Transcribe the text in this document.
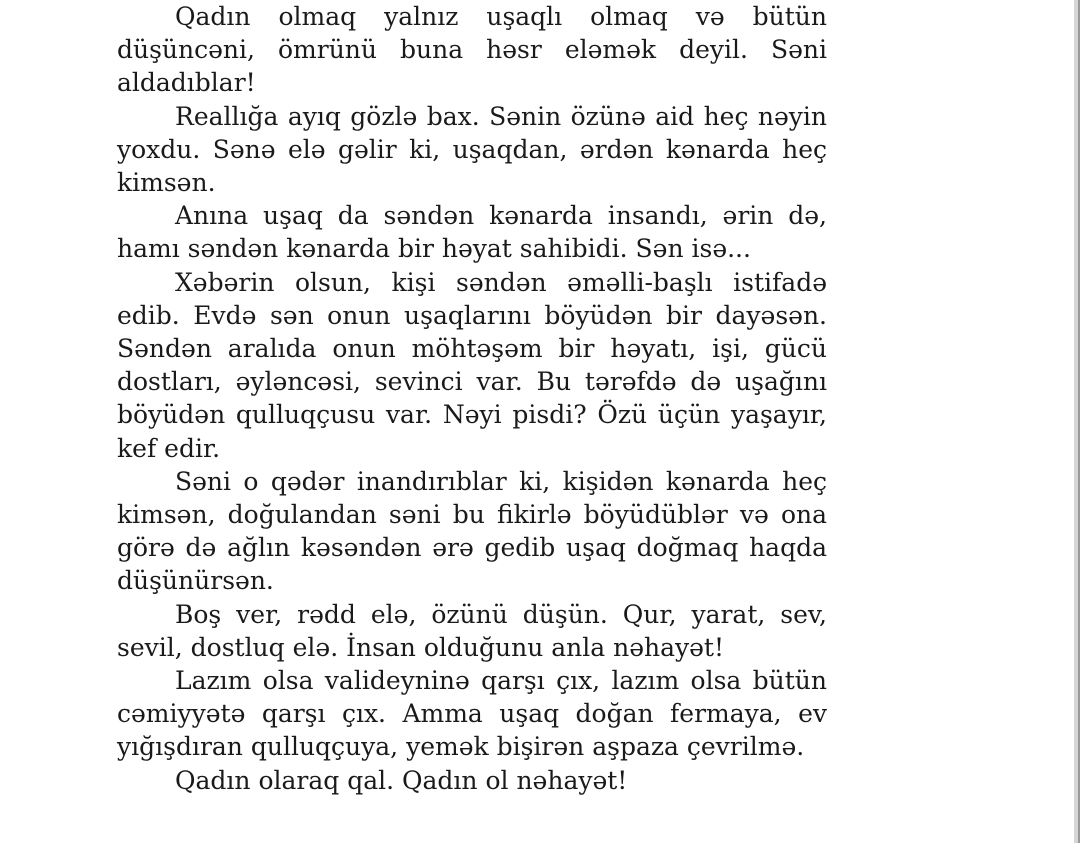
Qadın olmaq yalnız uşaqlı olmaq və bütün düşüncəni, ömrünü buna həsr eləmək deyil. Səni aldadıblar!

Reallığa ayıq gözlə bax. Sənin özünə aid heç nəyin yoxdu. Sənə elə gəlir ki, uşaqdan, ərdən kənarda heç kimsən.

Anına uşaq da səndən kənarda insandı, ərin də, hamı səndən kənarda bir həyat sahibidi. Sən isə...

Xəbərin olsun, kişi səndən əməlli-başlı istifadə edib. Evdə sən onun uşaqlarını böyüdən bir dayəsən. Səndən aralıda onun möhtəşəm bir həyatı, işi, gücü dostları, əyləncəsi, sevinci var. Bu tərəfdə də uşağını böyüdən qulluqçusu var. Nəyi pisdi? Özü üçün yaşayır, kef edir.

Səni o qədər inandırıblar ki, kişidən kənarda heç kimsən, doğulandan səni bu fikirlə böyüdüblər və ona görə də ağlın kəsəndən ərə gedib uşaq doğmaq haqda düşünürsən.

Boş ver, rədd elə, özünü düşün. Qur, yarat, sev, sevil, dostluq elə. İnsan olduğunu anla nəhayət!

Lazım olsa valideyninə qarşı çıx, lazım olsa bütün cəmiyyətə qarşı çıx. Amma uşaq doğan fermaya, ev yığışdıran qulluqçuya, yemək bişirən aşpaza çevrilmə.

Qadın olaraq qal. Qadın ol nəhayət!
